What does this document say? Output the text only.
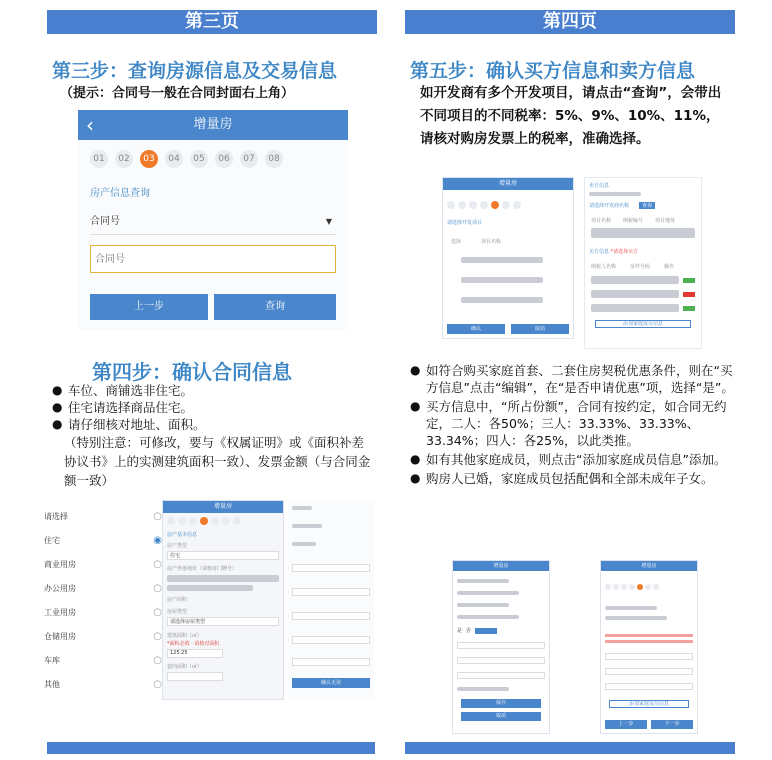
第三页
第三步：查询房源信息及交易信息
（提示：合同号一般在合同封面右上角）
‹	增量房
01 02 03 04 05 06 07 08
房产信息查询
合同号	▼
合同号
上一步	查询
第四步：确认合同信息
● 车位、商铺选非住宅。
● 住宅请选择商品住宅。
● 请仔细核对地址、面积。
（特别注意：可修改，要与《权属证明》或《面积补差协议书》上的实测建筑面积一致）、发票金额（与合同金额一致）
请选择	○
住宅	◉
商业用房	○
办公用房	○
工业用房	○
仓储用房	○
车库	○
其他	○
增量房
房产基本信息
房产类型
住宅
房产坐落地址（请核对门牌号）
房产面积
房屋类型
请选择房屋类型
建筑面积（㎡）
*面积必填 · 请核对面积
125.25
套内面积（㎡）
确认无误
第四页
第五步：确认买方信息和卖方信息
如开发商有多个开发项目，请点击“查询”，会带出不同项目的不同税率：5%、9%、10%、11%，请核对购房发票上的税率，准确选择。
增量房
请选择开发项目
选择	项目名称
确认	取消
卖方信息
请选择开发商名称	查询
项目名称 纳税编号 项目地址
买方信息 *请选择买方
纳税人名称	证件号码	操作
添加家庭成员信息
● 如符合购买家庭首套、二套住房契税优惠条件，则在“买方信息”点击“编辑”，在“是否申请优惠”项，选择“是”。
● 买方信息中，“所占份额”，合同有按约定，如合同无约定，二人：各50%；三人：33.33%、33.33%、33.34%；四人：各25%，以此类推。
● 如有其他家庭成员，则点击“添加家庭成员信息”添加。
● 购房人已婚，家庭成员包括配偶和全部未成年子女。
增量房
是 否
保存
取消
增量房
添加家庭成员信息
上一步	下一步
